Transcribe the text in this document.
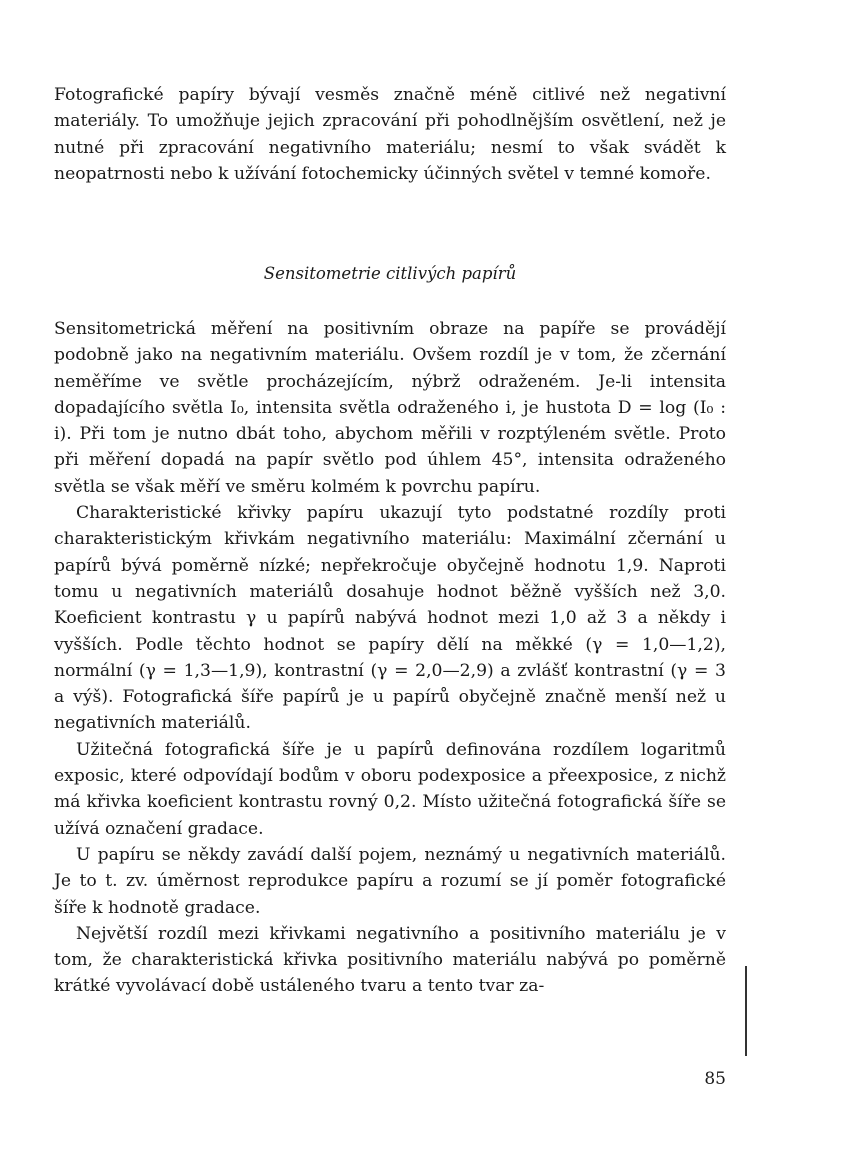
Fotografické papíry bývají vesměs značně méně citlivé než negativní materiály. To umožňuje jejich zpracování při pohodlnějším osvětlení, než je nutné při zpracování negativního materiálu; nesmí to však svádět k neopatrnosti nebo k užívání fotochemicky účinných světel v temné komoře.

Sensitometrie citlivých papírů

Sensitometrická měření na positivním obraze na papíře se provádějí podobně jako na negativním materiálu. Ovšem rozdíl je v tom, že zčernání neměříme ve světle procházejícím, nýbrž odraženém. Je-li intensita dopadajícího světla I₀, intensita světla odraženého i, je hustota D = log (I₀ : i). Při tom je nutno dbát toho, abychom měřili v rozptýleném světle. Proto při měření dopadá na papír světlo pod úhlem 45°, intensita odraženého světla se však měří ve směru kolmém k povrchu papíru.

Charakteristické křivky papíru ukazují tyto podstatné rozdíly proti charakteristickým křivkám negativního materiálu: Maximální zčernání u papírů bývá poměrně nízké; nepřekročuje obyčejně hodnotu 1,9. Naproti tomu u negativních materiálů dosahuje hodnot běžně vyšších než 3,0. Koeficient kontrastu γ u papírů nabývá hodnot mezi 1,0 až 3 a někdy i vyšších. Podle těchto hodnot se papíry dělí na měkké (γ = 1,0—1,2), normální (γ = 1,3—1,9), kontrastní (γ = 2,0—2,9) a zvlášť kontrastní (γ = 3 a výš). Fotografická šíře papírů je u papírů obyčejně značně menší než u negativních materiálů.

Užitečná fotografická šíře je u papírů definována rozdílem logaritmů exposic, které odpovídají bodům v oboru podexposice a přeexposice, z nichž má křivka koeficient kontrastu rovný 0,2. Místo užitečná fotografická šíře se užívá označení gradace.

U papíru se někdy zavádí další pojem, neznámý u negativních materiálů. Je to t. zv. úměrnost reprodukce papíru a rozumí se jí poměr fotografické šíře k hodnotě gradace.

Největší rozdíl mezi křivkami negativního a positivního materiálu je v tom, že charakteristická křivka positivního materiálu nabývá po poměrně krátké vyvolávací době ustáleného tvaru a tento tvar za-

85
